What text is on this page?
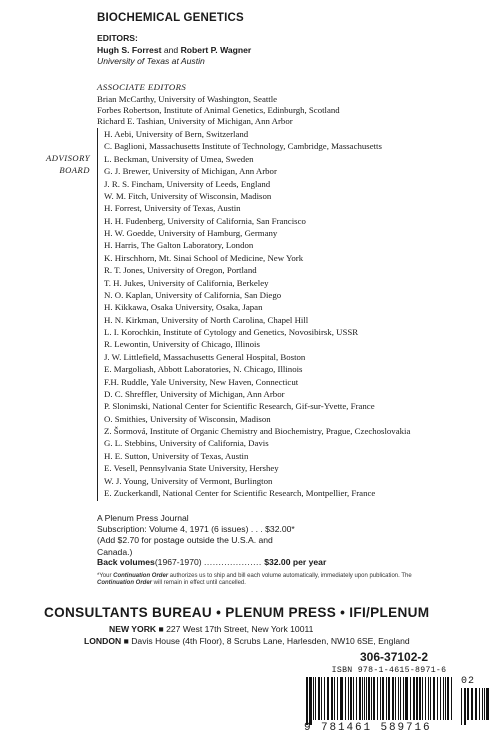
BIOCHEMICAL GENETICS
EDITORS:
Hugh S. Forrest and Robert P. Wagner
University of Texas at Austin
ASSOCIATE EDITORS
Brian McCarthy, University of Washington, Seattle
Forbes Robertson, Institute of Animal Genetics, Edinburgh, Scotland
Richard E. Tashian, University of Michigan, Ann Arbor
ADVISORY
BOARD
H. Aebi, University of Bern, Switzerland
C. Baglioni, Massachusetts Institute of Technology, Cambridge, Massachusetts
L. Beckman, University of Umea, Sweden
G. J. Brewer, University of Michigan, Ann Arbor
J. R. S. Fincham, University of Leeds, England
W. M. Fitch, University of Wisconsin, Madison
H. Forrest, University of Texas, Austin
H. H. Fudenberg, University of California, San Francisco
H. W. Goedde, University of Hamburg, Germany
H. Harris, The Galton Laboratory, London
K. Hirschhorn, Mt. Sinai School of Medicine, New York
R. T. Jones, University of Oregon, Portland
T. H. Jukes, University of California, Berkeley
N. O. Kaplan, University of California, San Diego
H. Kikkawa, Osaka University, Osaka, Japan
H. N. Kirkman, University of North Carolina, Chapel Hill
L. I. Korochkin, Institute of Cytology and Genetics, Novosibirsk, USSR
R. Lewontin, University of Chicago, Illinois
J. W. Littlefield, Massachusetts General Hospital, Boston
E. Margoliash, Abbott Laboratories, N. Chicago, Illinois
F.H. Ruddle, Yale University, New Haven, Connecticut
D. C. Shreffler, University of Michigan, Ann Arbor
P. Slonimski, National Center for Scientific Research, Gif-sur-Yvette, France
O. Smithies, University of Wisconsin, Madison
Z. Šormová, Institute of Organic Chemistry and Biochemistry, Prague, Czechoslovakia
G. L. Stebbins, University of California, Davis
H. E. Sutton, University of Texas, Austin
E. Vesell, Pennsylvania State University, Hershey
W. J. Young, University of Vermont, Burlington
E. Zuckerkandl, National Center for Scientific Research, Montpellier, France
A Plenum Press Journal
Subscription: Volume 4, 1971 (6 issues) . . . $32.00*
(Add $2.70 for postage outside the U.S.A. and
Canada.)
Back volumes(1967-1970) .................... $32.00 per year
*Your Continuation Order authorizes us to ship and bill each volume automatically, immediately upon publication. The Continuation Order will remain in effect until cancelled.
CONSULTANTS BUREAU • PLENUM PRESS • IFI/PLENUM
NEW YORK ■ 227 West 17th Street, New York 10011
LONDON ■ Davis House (4th Floor), 8 Scrubs Lane, Harlesden, NW10 6SE, England
306-37102-2
ISBN 978-1-4615-8971-6
02
9 781461 589716
